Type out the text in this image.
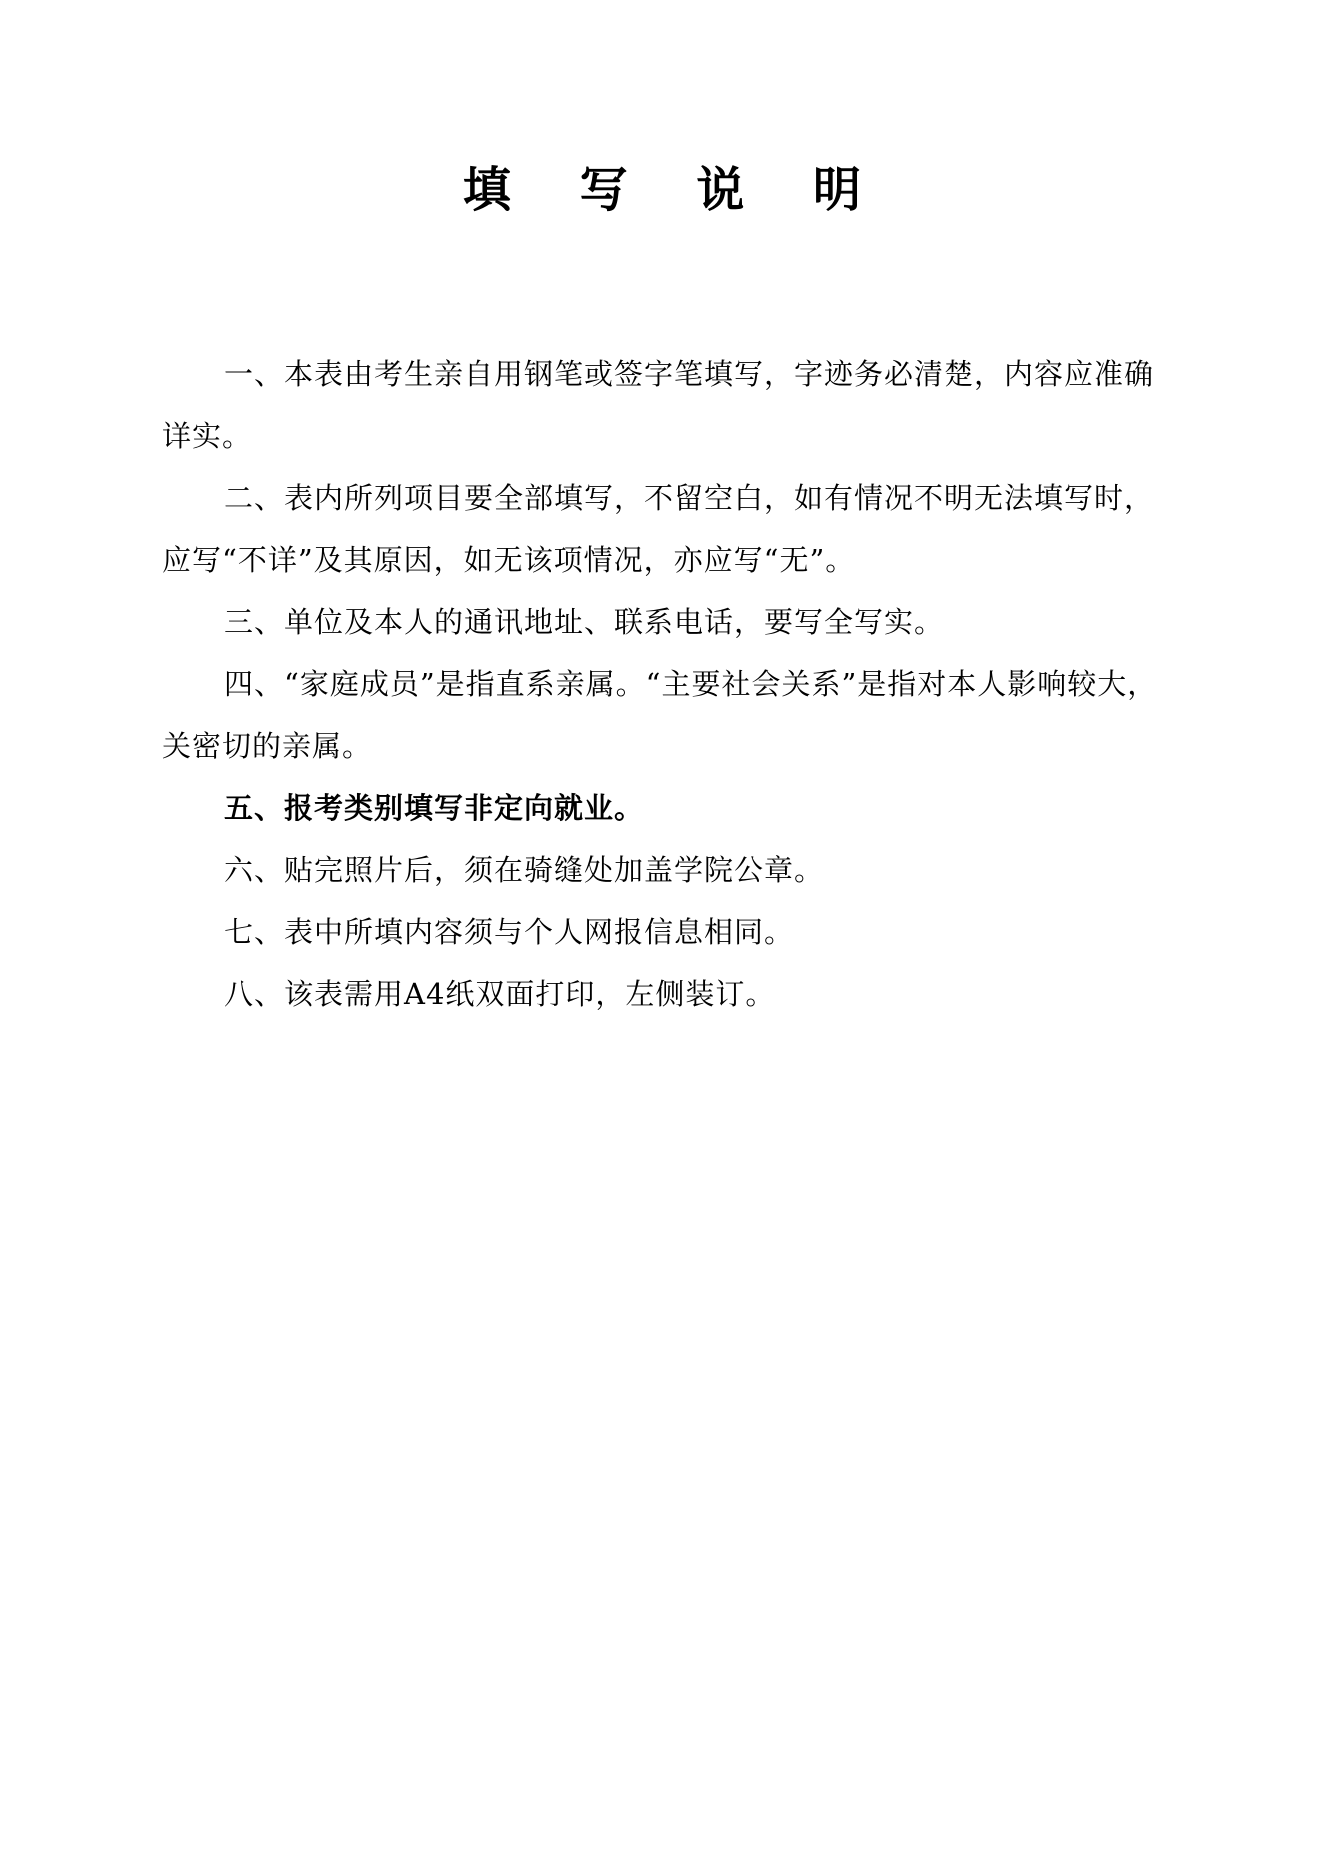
填 写 说 明

一、本表由考生亲自用钢笔或签字笔填写，字迹务必清楚，内容应准确详实。

二、表内所列项目要全部填写，不留空白，如有情况不明无法填写时，应写“不详”及其原因，如无该项情况，亦应写“无”。

三、单位及本人的通讯地址、联系电话，要写全写实。

四、“家庭成员”是指直系亲属。“主要社会关系”是指对本人影响较大，关密切的亲属。

五、报考类别填写非定向就业。

六、贴完照片后，须在骑缝处加盖学院公章。

七、表中所填内容须与个人网报信息相同。

八、该表需用A4纸双面打印，左侧装订。
